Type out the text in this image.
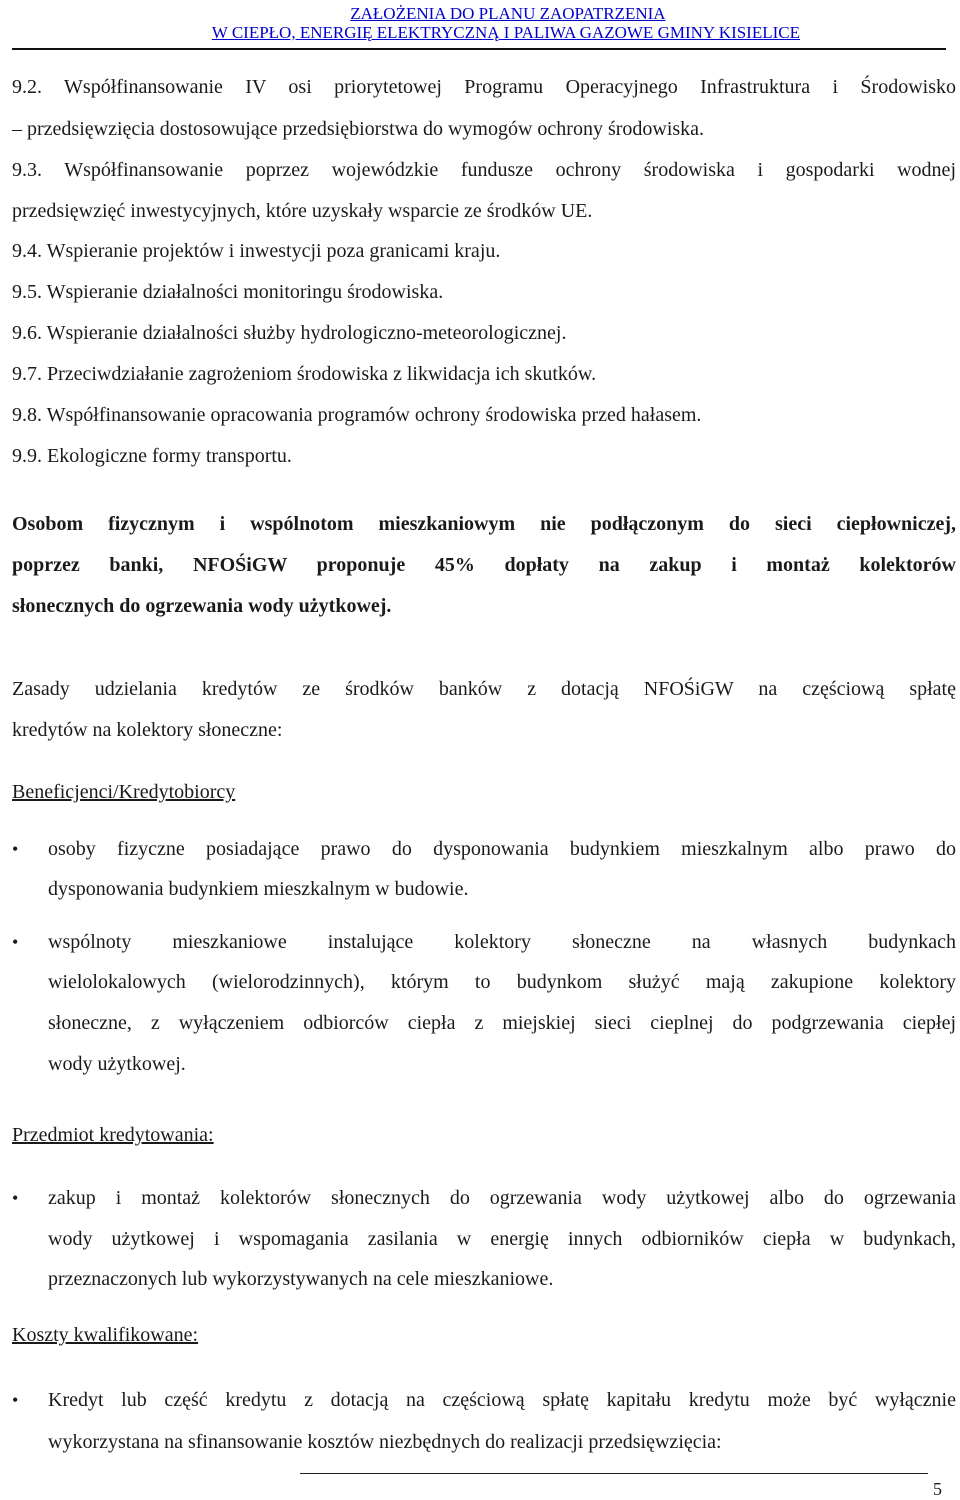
ZAŁOŻENIA DO PLANU ZAOPATRZENIA
W CIEPŁO, ENERGIĘ ELEKTRYCZNĄ I PALIWA GAZOWE GMINY KISIELICE
9.2. Współfinansowanie IV osi priorytetowej Programu Operacyjnego Infrastruktura i Środowisko
– przedsięwzięcia dostosowujące przedsiębiorstwa do wymogów ochrony środowiska.
9.3. Współfinansowanie poprzez wojewódzkie fundusze ochrony środowiska i gospodarki wodnej
przedsięwzięć inwestycyjnych, które uzyskały wsparcie ze środków UE.
9.4. Wspieranie projektów i inwestycji poza granicami kraju.
9.5. Wspieranie działalności monitoringu środowiska.
9.6. Wspieranie działalności służby hydrologiczno-meteorologicznej.
9.7. Przeciwdziałanie zagrożeniom środowiska z likwidacja ich skutków.
9.8. Współfinansowanie opracowania programów ochrony środowiska przed hałasem.
9.9. Ekologiczne formy transportu.
Osobom fizycznym i wspólnotom mieszkaniowym nie podłączonym do sieci ciepłowniczej,
poprzez banki, NFOŚiGW proponuje 45% dopłaty na zakup i montaż kolektorów
słonecznych do ogrzewania wody użytkowej.
Zasady udzielania kredytów ze środków banków z dotacją NFOŚiGW na częściową spłatę
kredytów na kolektory słoneczne:
Beneficjenci/Kredytobiorcy
• osoby fizyczne posiadające prawo do dysponowania budynkiem mieszkalnym albo prawo do
dysponowania budynkiem mieszkalnym w budowie.
• wspólnoty mieszkaniowe instalujące kolektory słoneczne na własnych budynkach
wielolokalowych (wielorodzinnych), którym to budynkom służyć mają zakupione kolektory
słoneczne, z wyłączeniem odbiorców ciepła z miejskiej sieci cieplnej do podgrzewania ciepłej
wody użytkowej.
Przedmiot kredytowania:
• zakup i montaż kolektorów słonecznych do ogrzewania wody użytkowej albo do ogrzewania
wody użytkowej i wspomagania zasilania w energię innych odbiorników ciepła w budynkach,
przeznaczonych lub wykorzystywanych na cele mieszkaniowe.
Koszty kwalifikowane:
• Kredyt lub część kredytu z dotacją na częściową spłatę kapitału kredytu może być wyłącznie
wykorzystana na sfinansowanie kosztów niezbędnych do realizacji przedsięwzięcia:
5
